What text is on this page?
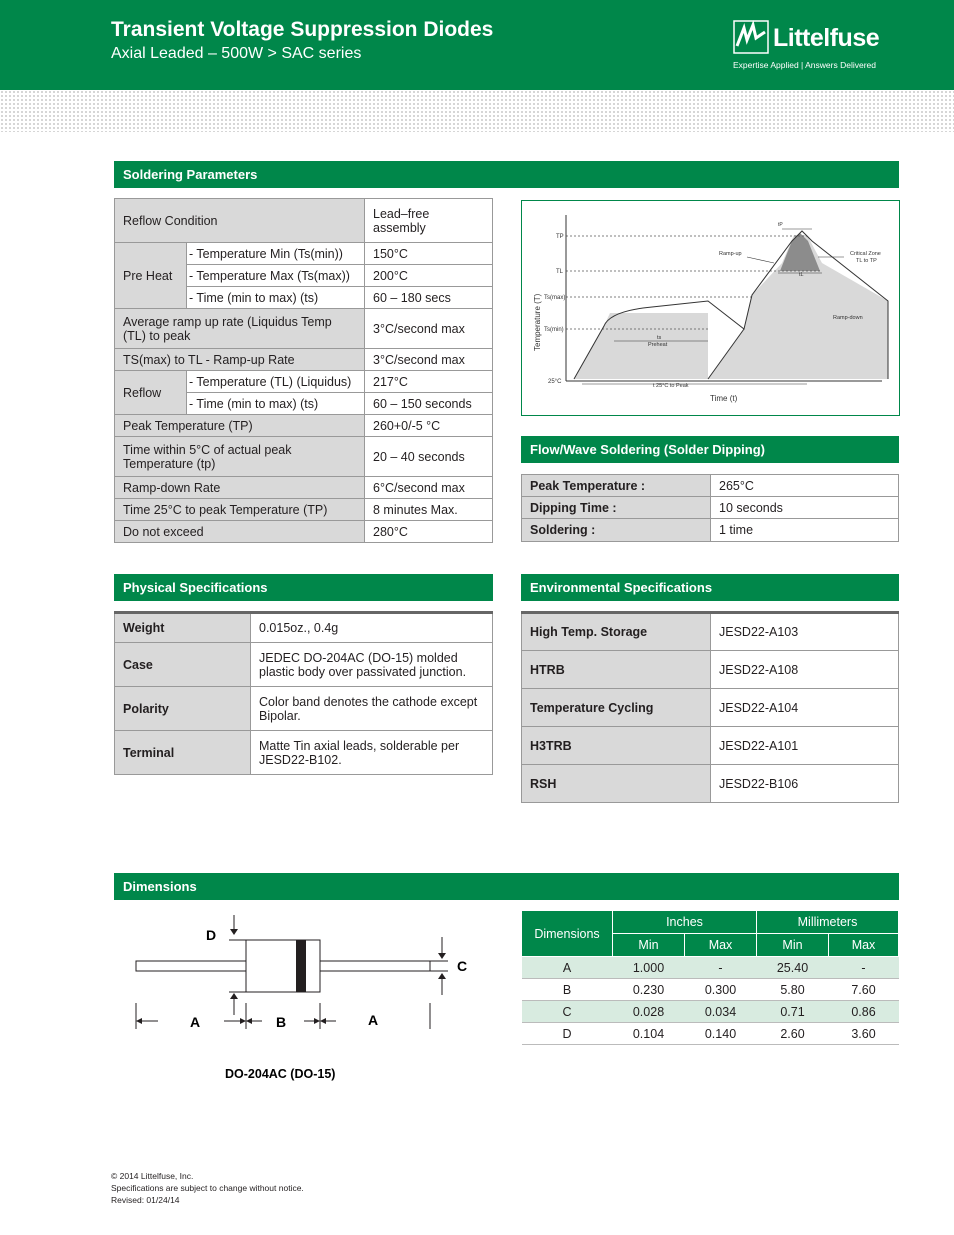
Transient Voltage Suppression Diodes
Axial Leaded – 500W > SAC series
Littelfuse
Expertise Applied | Answers Delivered
Soldering Parameters
Reflow Condition		Lead–free assembly
Pre Heat	- Temperature Min (Ts(min))	150°C
	- Temperature Max (Ts(max))	200°C
	- Time (min to max) (ts)	60 – 180 secs
Average ramp up rate (Liquidus Temp (TL) to peak		3°C/second max
TS(max) to TL - Ramp-up Rate		3°C/second max
Reflow	- Temperature (TL) (Liquidus)	217°C
	- Time (min to max) (ts)	60 – 150 seconds
Peak Temperature (TP)		260+0/-5 °C
Time within 5°C of actual peak Temperature (tp)		20 – 40 seconds
Ramp-down Rate		6°C/second max
Time 25°C to peak Temperature (TP)		8 minutes Max.
Do not exceed		280°C
TP
TL
Ts(max)
Ts(min)
25°C
Temperature (T)
Time (t)
tP
Ramp-up	Critical Zone
TL to TP
tL
ts
Preheat
Ramp-down
t 25°C to Peak
Flow/Wave Soldering (Solder Dipping)
Peak Temperature :	265°C
Dipping Time :	10 seconds
Soldering :	1 time
Physical Specifications
Weight	0.015oz., 0.4g
Case	JEDEC DO-204AC (DO-15) molded plastic body over passivated junction.
Polarity	Color band denotes the cathode except Bipolar.
Terminal	Matte Tin axial leads, solderable per JESD22-B102.
Environmental Specifications
High Temp. Storage	JESD22-A103
HTRB	JESD22-A108
Temperature Cycling	JESD22-A104
H3TRB	JESD22-A101
RSH	JESD22-B106
Dimensions
D
C
A	B	A
DO-204AC (DO-15)
Dimensions	Inches		Millimeters	
	Min	Max	Min	Max
A	1.000	-	25.40	-
B	0.230	0.300	5.80	7.60
C	0.028	0.034	0.71	0.86
D	0.104	0.140	2.60	3.60
© 2014 Littelfuse, Inc.
Specifications are subject to change without notice.
Revised: 01/24/14
